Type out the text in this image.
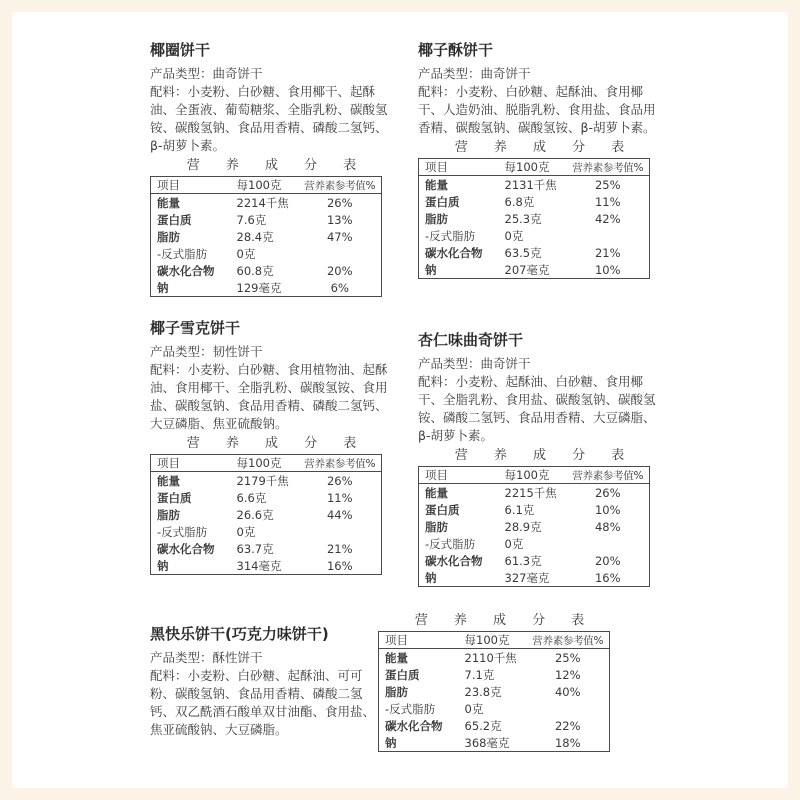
椰圈饼干
产品类型：曲奇饼干
配料：小麦粉、白砂糖、食用椰干、起酥油、全蛋液、葡萄糖浆、全脂乳粉、碳酸氢铵、碳酸氢钠、食品用香精、磷酸二氢钙、β-胡萝卜素。
营 养 成 分 表
项目	每100克	营养素参考值%
能量	2214千焦	26%
蛋白质	7.6克	13%
脂肪	28.4克	47%
-反式脂肪	0克	
碳水化合物	60.8克	20%
钠	129毫克	6%
椰子酥饼干
产品类型：曲奇饼干
配料：小麦粉、白砂糖、起酥油、食用椰干、人造奶油、脱脂乳粉、食用盐、食品用香精、碳酸氢钠、碳酸氢铵、β-胡萝卜素。
营 养 成 分 表
项目	每100克	营养素参考值%
能量	2131千焦	25%
蛋白质	6.8克	11%
脂肪	25.3克	42%
-反式脂肪	0克	
碳水化合物	63.5克	21%
钠	207毫克	10%
椰子雪克饼干
产品类型：韧性饼干
配料：小麦粉、白砂糖、食用植物油、起酥油、食用椰干、全脂乳粉、碳酸氢铵、食用盐、碳酸氢钠、食品用香精、磷酸二氢钙、大豆磷脂、焦亚硫酸钠。
营 养 成 分 表
项目	每100克	营养素参考值%
能量	2179千焦	26%
蛋白质	6.6克	11%
脂肪	26.6克	44%
-反式脂肪	0克	
碳水化合物	63.7克	21%
钠	314毫克	16%
杏仁味曲奇饼干
产品类型：曲奇饼干
配料：小麦粉、起酥油、白砂糖、食用椰干、全脂乳粉、食用盐、碳酸氢钠、碳酸氢铵、磷酸二氢钙、食品用香精、大豆磷脂、β-胡萝卜素。
营 养 成 分 表
项目	每100克	营养素参考值%
能量	2215千焦	26%
蛋白质	6.1克	10%
脂肪	28.9克	48%
-反式脂肪	0克	
碳水化合物	61.3克	20%
钠	327毫克	16%
黑快乐饼干(巧克力味饼干)
产品类型：酥性饼干
配料：小麦粉、白砂糖、起酥油、可可粉、碳酸氢钠、食品用香精、磷酸二氢钙、双乙酰酒石酸单双甘油酯、食用盐、焦亚硫酸钠、大豆磷脂。
营 养 成 分 表
项目	每100克	营养素参考值%
能量	2110千焦	25%
蛋白质	7.1克	12%
脂肪	23.8克	40%
-反式脂肪	0克	
碳水化合物	65.2克	22%
钠	368毫克	18%
